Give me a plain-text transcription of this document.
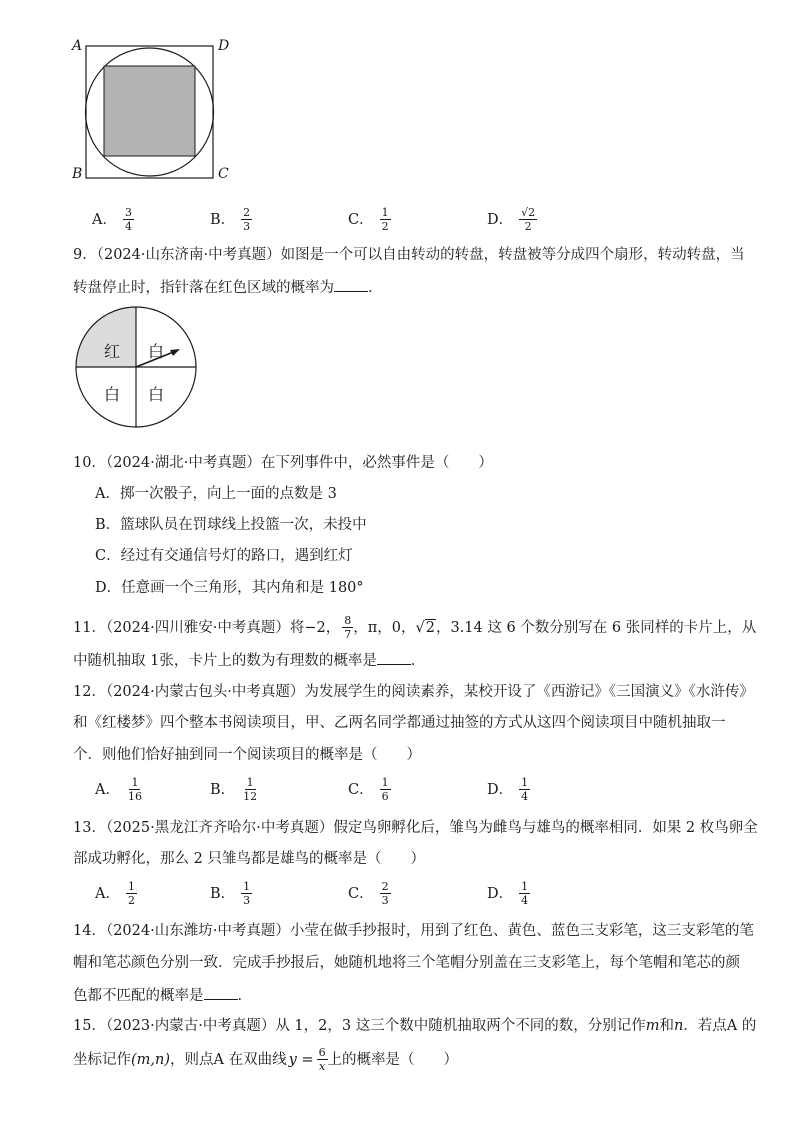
A	D
B	C
A． $\frac{3}{4}$	B． $\frac{2}{3}$	C． $\frac{1}{2}$	D． $\frac{√2}{2}$
9．（2024·山东济南·中考真题）如图是一个可以自由转动的转盘，转盘被等分成四个扇形，转动转盘，当
转盘停止时，指针落在红色区域的概率为 ．
红 白
白 白
10．（2024·湖北·中考真题）在下列事件中，必然事件是（　　）
A．掷一次骰子，向上一面的点数是 3
B．篮球队员在罚球线上投篮一次，未投中
C．经过有交通信号灯的路口，遇到红灯
D．任意画一个三角形，其内角和是 180°
11．（2024·四川雅安·中考真题）将 −2， $\frac{8}{7}$ ，π，0， √2 ，3.14 这 6 个数分别写在 6 张同样的卡片上，从
中随机抽取 1张，卡片上的数为有理数的概率是 ．
12．（2024·内蒙古包头·中考真题）为发展学生的阅读素养，某校开设了《西游记》《三国演义》《水浒传》
和《红楼梦》四个整本书阅读项目，甲、乙两名同学都通过抽签的方式从这四个阅读项目中随机抽取一
个．则他们恰好抽到同一个阅读项目的概率是（　　）
A． $\frac{1}{16}$	B． $\frac{1}{12}$	C． $\frac{1}{6}$	D． $\frac{1}{4}$
13．（2025·黑龙江齐齐哈尔·中考真题）假定鸟卵孵化后，雏鸟为雌鸟与雄鸟的概率相同．如果 2 枚鸟卵全
部成功孵化，那么 2 只雏鸟都是雄鸟的概率是（　　）
A． $\frac{1}{2}$	B． $\frac{1}{3}$	C． $\frac{2}{3}$	D． $\frac{1}{4}$
14．（2024·山东潍坊·中考真题）小莹在做手抄报时，用到了红色、黄色、蓝色三支彩笔，这三支彩笔的笔
帽和笔芯颜色分别一致．完成手抄报后，她随机地将三个笔帽分别盖在三支彩笔上，每个笔帽和笔芯的颜
色都不匹配的概率是 ．
15．（2023·内蒙古·中考真题）从 1，2，3 这三个数中随机抽取两个不同的数，分别记作m和n．若点A 的
坐标记作 (m,n) ，则点A 在双曲线 $y = \frac{6}{x}$ 上的概率是（　　）
